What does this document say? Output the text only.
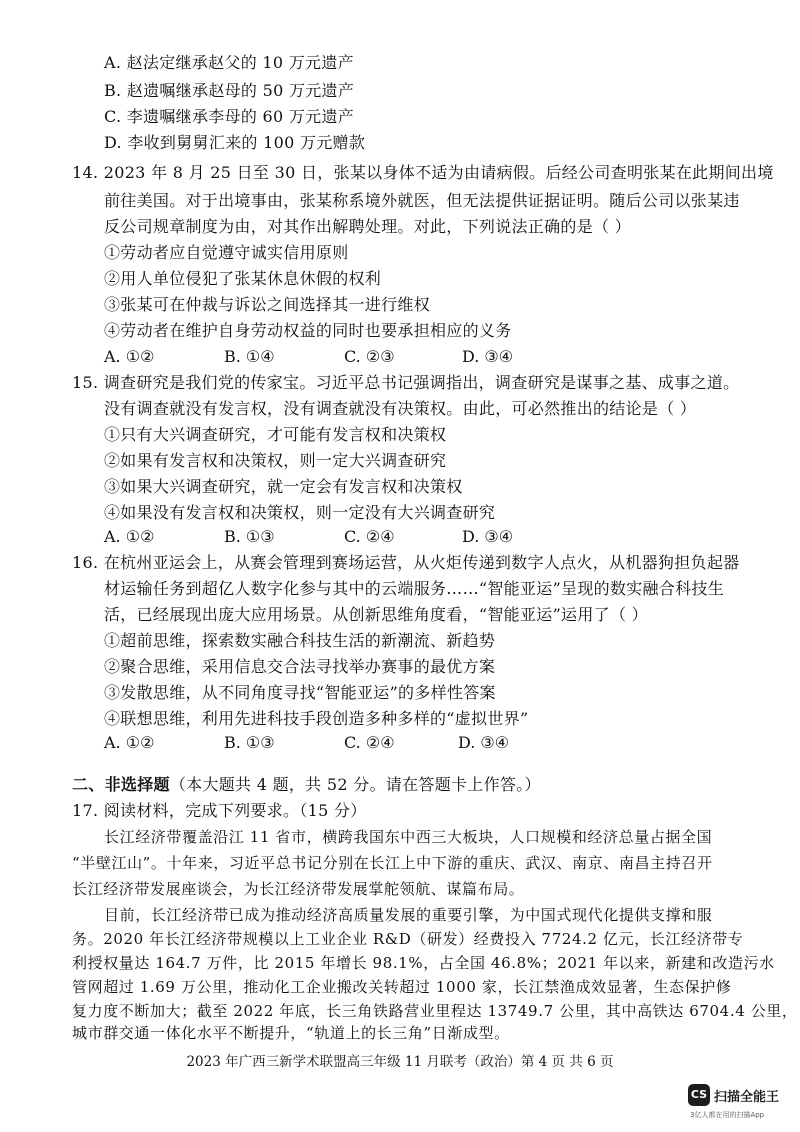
A. 赵法定继承赵父的 10 万元遗产
B. 赵遗嘱继承赵母的 50 万元遗产
C. 李遗嘱继承李母的 60 万元遗产
D. 李收到舅舅汇来的 100 万元赠款
14. 2023 年 8 月 25 日至 30 日，张某以身体不适为由请病假。后经公司查明张某在此期间出境
前往美国。对于出境事由，张某称系境外就医，但无法提供证据证明。随后公司以张某违
反公司规章制度为由，对其作出解聘处理。对此，下列说法正确的是（ ）
①劳动者应自觉遵守诚实信用原则
②用人单位侵犯了张某休息休假的权利
③张某可在仲裁与诉讼之间选择其一进行维权
④劳动者在维护自身劳动权益的同时也要承担相应的义务
A. ①②	B. ①④	C. ②③	D. ③④
15. 调查研究是我们党的传家宝。习近平总书记强调指出，调查研究是谋事之基、成事之道。
没有调查就没有发言权，没有调查就没有决策权。由此，可必然推出的结论是（ ）
①只有大兴调查研究，才可能有发言权和决策权
②如果有发言权和决策权，则一定大兴调查研究
③如果大兴调查研究，就一定会有发言权和决策权
④如果没有发言权和决策权，则一定没有大兴调查研究
A. ①②	B. ①③	C. ②④	D. ③④
16. 在杭州亚运会上，从赛会管理到赛场运营，从火炬传递到数字人点火，从机器狗担负起器
材运输任务到超亿人数字化参与其中的云端服务……“智能亚运”呈现的数实融合科技生
活，已经展现出庞大应用场景。从创新思维角度看，“智能亚运”运用了（ ）
①超前思维，探索数实融合科技生活的新潮流、新趋势
②聚合思维，采用信息交合法寻找举办赛事的最优方案
③发散思维，从不同角度寻找“智能亚运”的多样性答案
④联想思维，利用先进科技手段创造多种多样的“虚拟世界”
A. ①②	B. ①③	C. ②④	D. ③④
二、非选择题（本大题共 4 题，共 52 分。请在答题卡上作答。）
17. 阅读材料，完成下列要求。（15 分）
长江经济带覆盖沿江 11 省市，横跨我国东中西三大板块，人口规模和经济总量占据全国
“半壁江山”。十年来，习近平总书记分别在长江上中下游的重庆、武汉、南京、南昌主持召开
长江经济带发展座谈会，为长江经济带发展掌舵领航、谋篇布局。
目前，长江经济带已成为推动经济高质量发展的重要引擎，为中国式现代化提供支撑和服
务。2020 年长江经济带规模以上工业企业 R&D（研发）经费投入 7724.2 亿元，长江经济带专
利授权量达 164.7 万件，比 2015 年增长 98.1%，占全国 46.8%；2021 年以来，新建和改造污水
管网超过 1.69 万公里，推动化工企业搬改关转超过 1000 家，长江禁渔成效显著，生态保护修
复力度不断加大；截至 2022 年底，长三角铁路营业里程达 13749.7 公里，其中高铁达 6704.4 公里，
2023 年广西三新学术联盟高三年级 11 月联考（政治）第 4 页 共 6 页
CS 扫描全能王
3亿人都在用的扫描App
城市群交通一体化水平不断提升，“轨道上的长三角”日渐成型。
